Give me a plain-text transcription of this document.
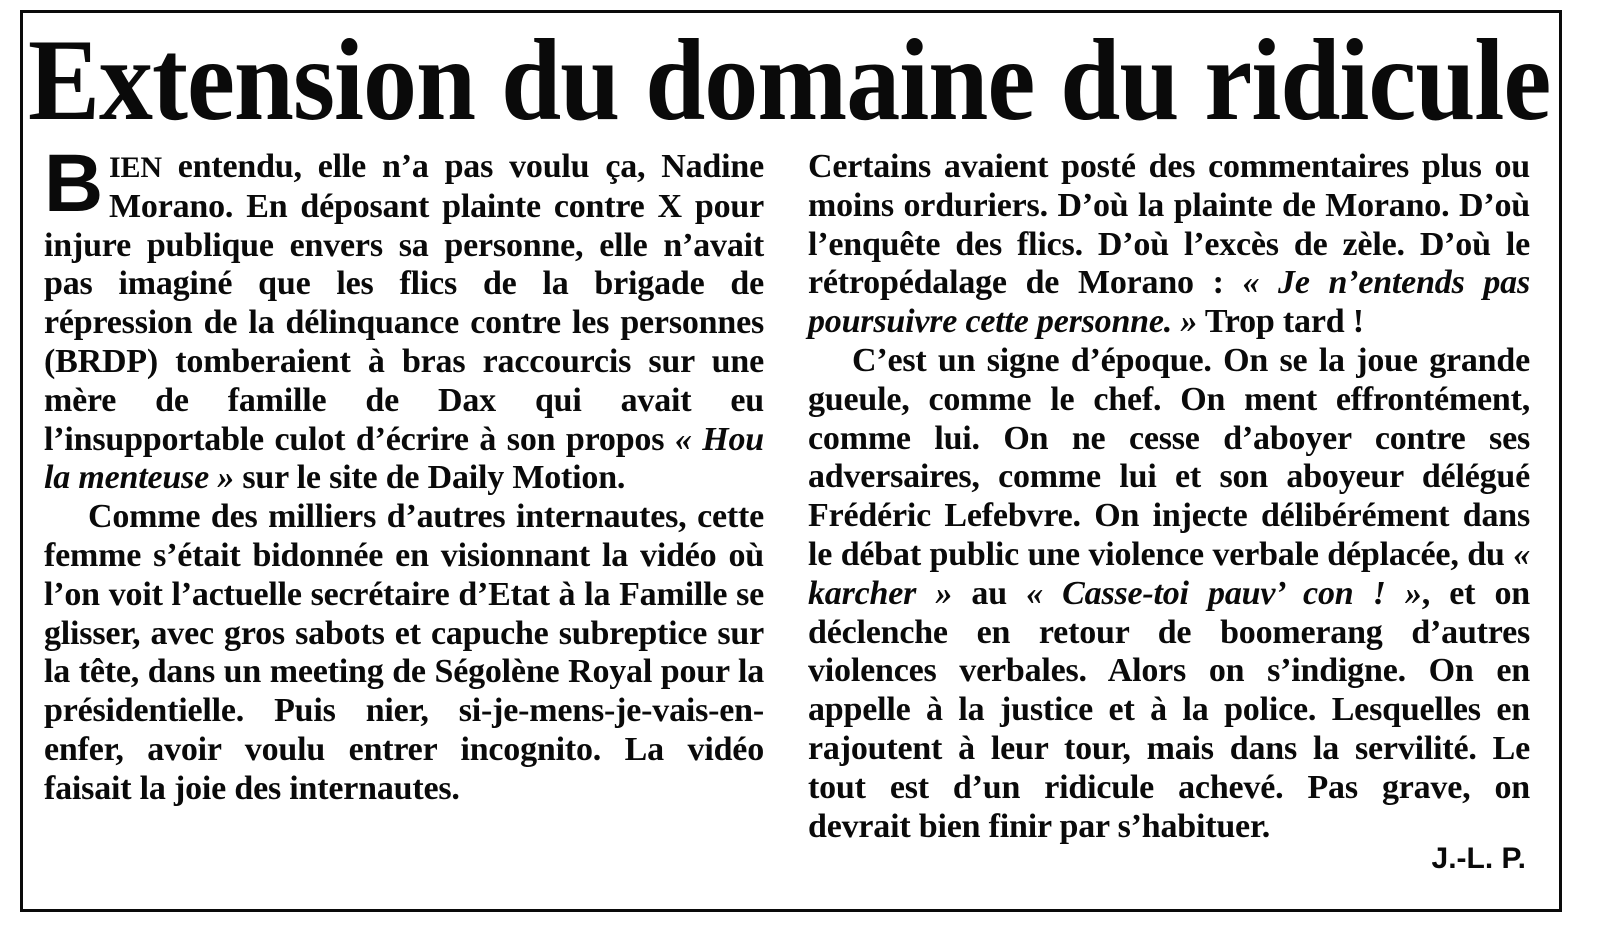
Extension du domaine du ridicule

BIEN entendu, elle n’a pas voulu ça, Nadine Morano. En déposant plainte contre X pour injure publique envers sa personne, elle n’avait pas imaginé que les flics de la brigade de répression de la délinquance contre les personnes (BRDP) tomberaient à bras raccourcis sur une mère de famille de Dax qui avait eu l’insupportable culot d’écrire à son propos « Hou la menteuse » sur le site de Daily Motion.

Comme des milliers d’autres internautes, cette femme s’était bidonnée en visionnant la vidéo où l’on voit l’actuelle secrétaire d’Etat à la Famille se glisser, avec gros sabots et capuche subreptice sur la tête, dans un meeting de Ségolène Royal pour la présidentielle. Puis nier, si-je-mens-je-vais-en-enfer, avoir voulu entrer incognito. La vidéo faisait la joie des internautes.

Certains avaient posté des commentaires plus ou moins orduriers. D’où la plainte de Morano. D’où l’enquête des flics. D’où l’excès de zèle. D’où le rétropédalage de Morano : « Je n’entends pas poursuivre cette personne. » Trop tard !

C’est un signe d’époque. On se la joue grande gueule, comme le chef. On ment effrontément, comme lui. On ne cesse d’aboyer contre ses adversaires, comme lui et son aboyeur délégué Frédéric Lefebvre. On injecte délibérément dans le débat public une violence verbale déplacée, du « karcher » au « Casse-toi pauv’ con ! », et on déclenche en retour de boomerang d’autres violences verbales. Alors on s’indigne. On en appelle à la justice et à la police. Lesquelles en rajoutent à leur tour, mais dans la servilité. Le tout est d’un ridicule achevé. Pas grave, on devrait bien finir par s’habituer.

J.-L. P.
